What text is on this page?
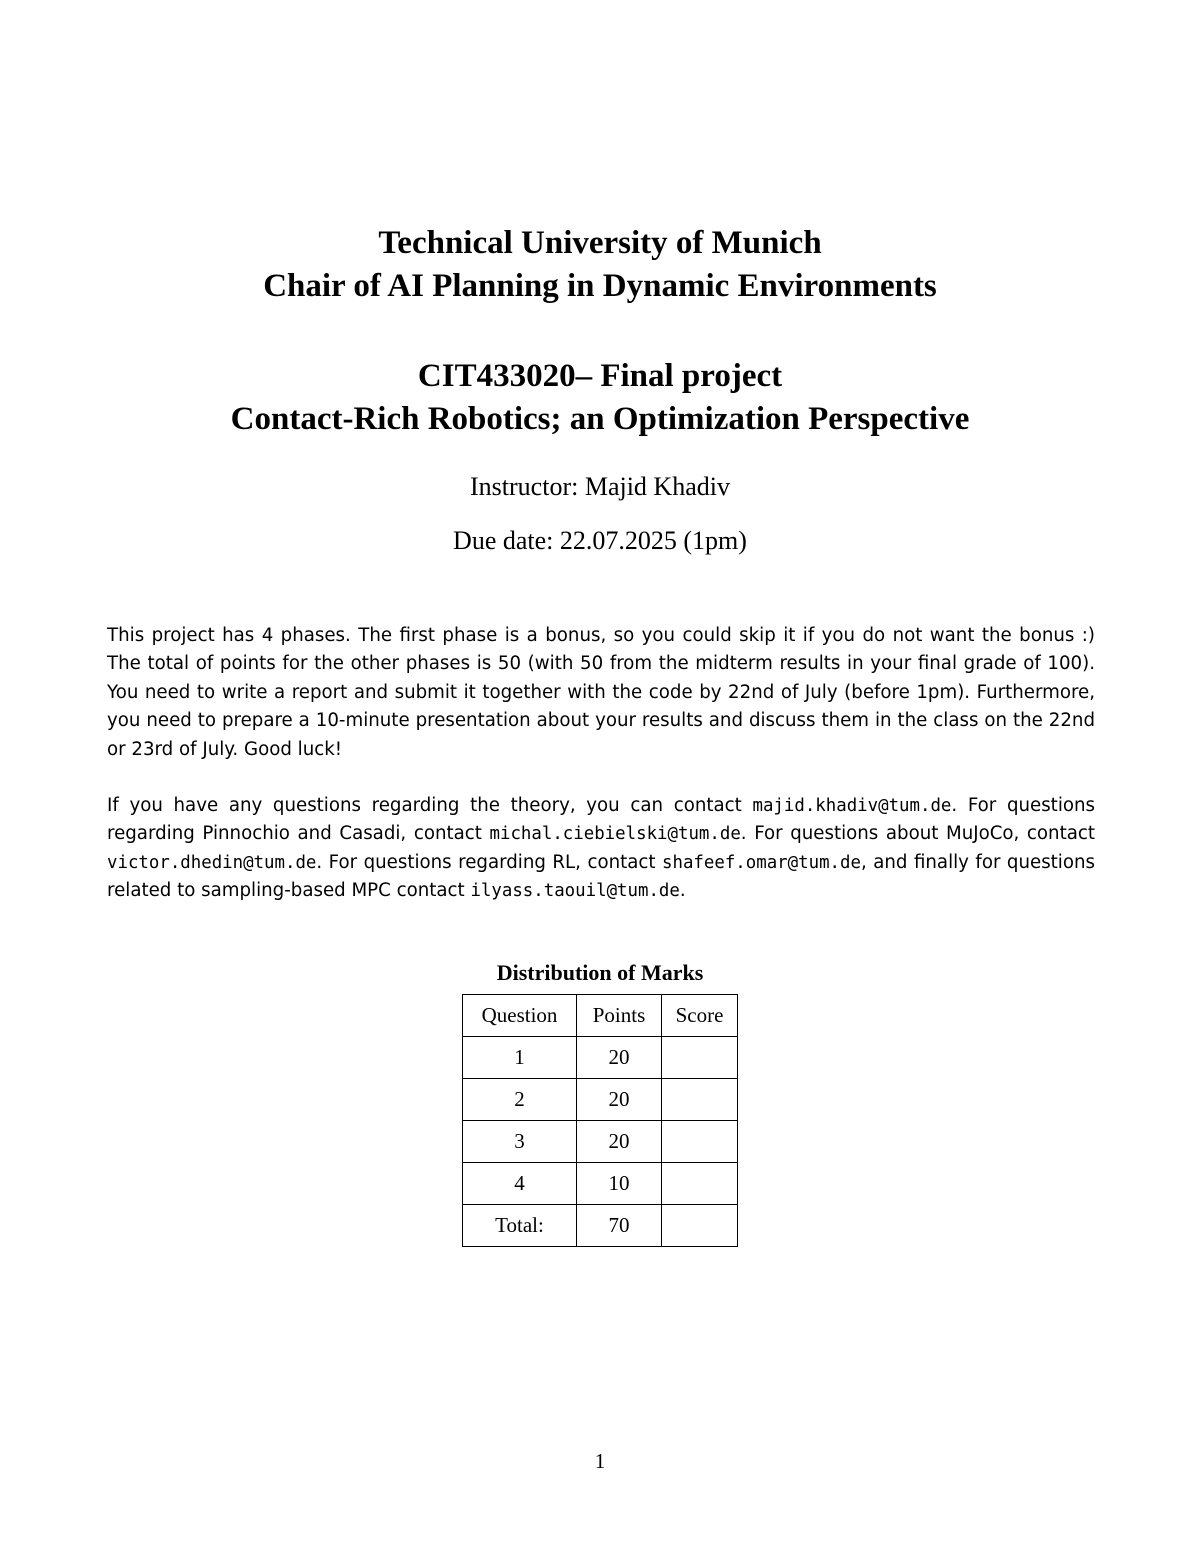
Technical University of Munich

Chair of AI Planning in Dynamic Environments

CIT433020– Final project

Contact-Rich Robotics; an Optimization Perspective

Instructor: Majid Khadiv

Due date: 22.07.2025 (1pm)

This project has 4 phases. The first phase is a bonus, so you could skip it if you do not want the bonus :) The total of points for the other phases is 50 (with 50 from the midterm results in your final grade of 100). You need to write a report and submit it together with the code by 22nd of July (before 1pm). Furthermore, you need to prepare a 10-minute presentation about your results and discuss them in the class on the 22nd or 23rd of July. Good luck!

If you have any questions regarding the theory, you can contact majid.khadiv@tum.de. For questions regarding Pinnochio and Casadi, contact michal.ciebielski@tum.de. For questions about MuJoCo, contact victor.dhedin@tum.de. For questions regarding RL, contact shafeef.omar@tum.de, and finally for questions related to sampling-based MPC contact ilyass.taouil@tum.de.

Distribution of Marks
Question	Points	Score
1	20	
2	20	
3	20	
4	10	
Total:	70	
1
